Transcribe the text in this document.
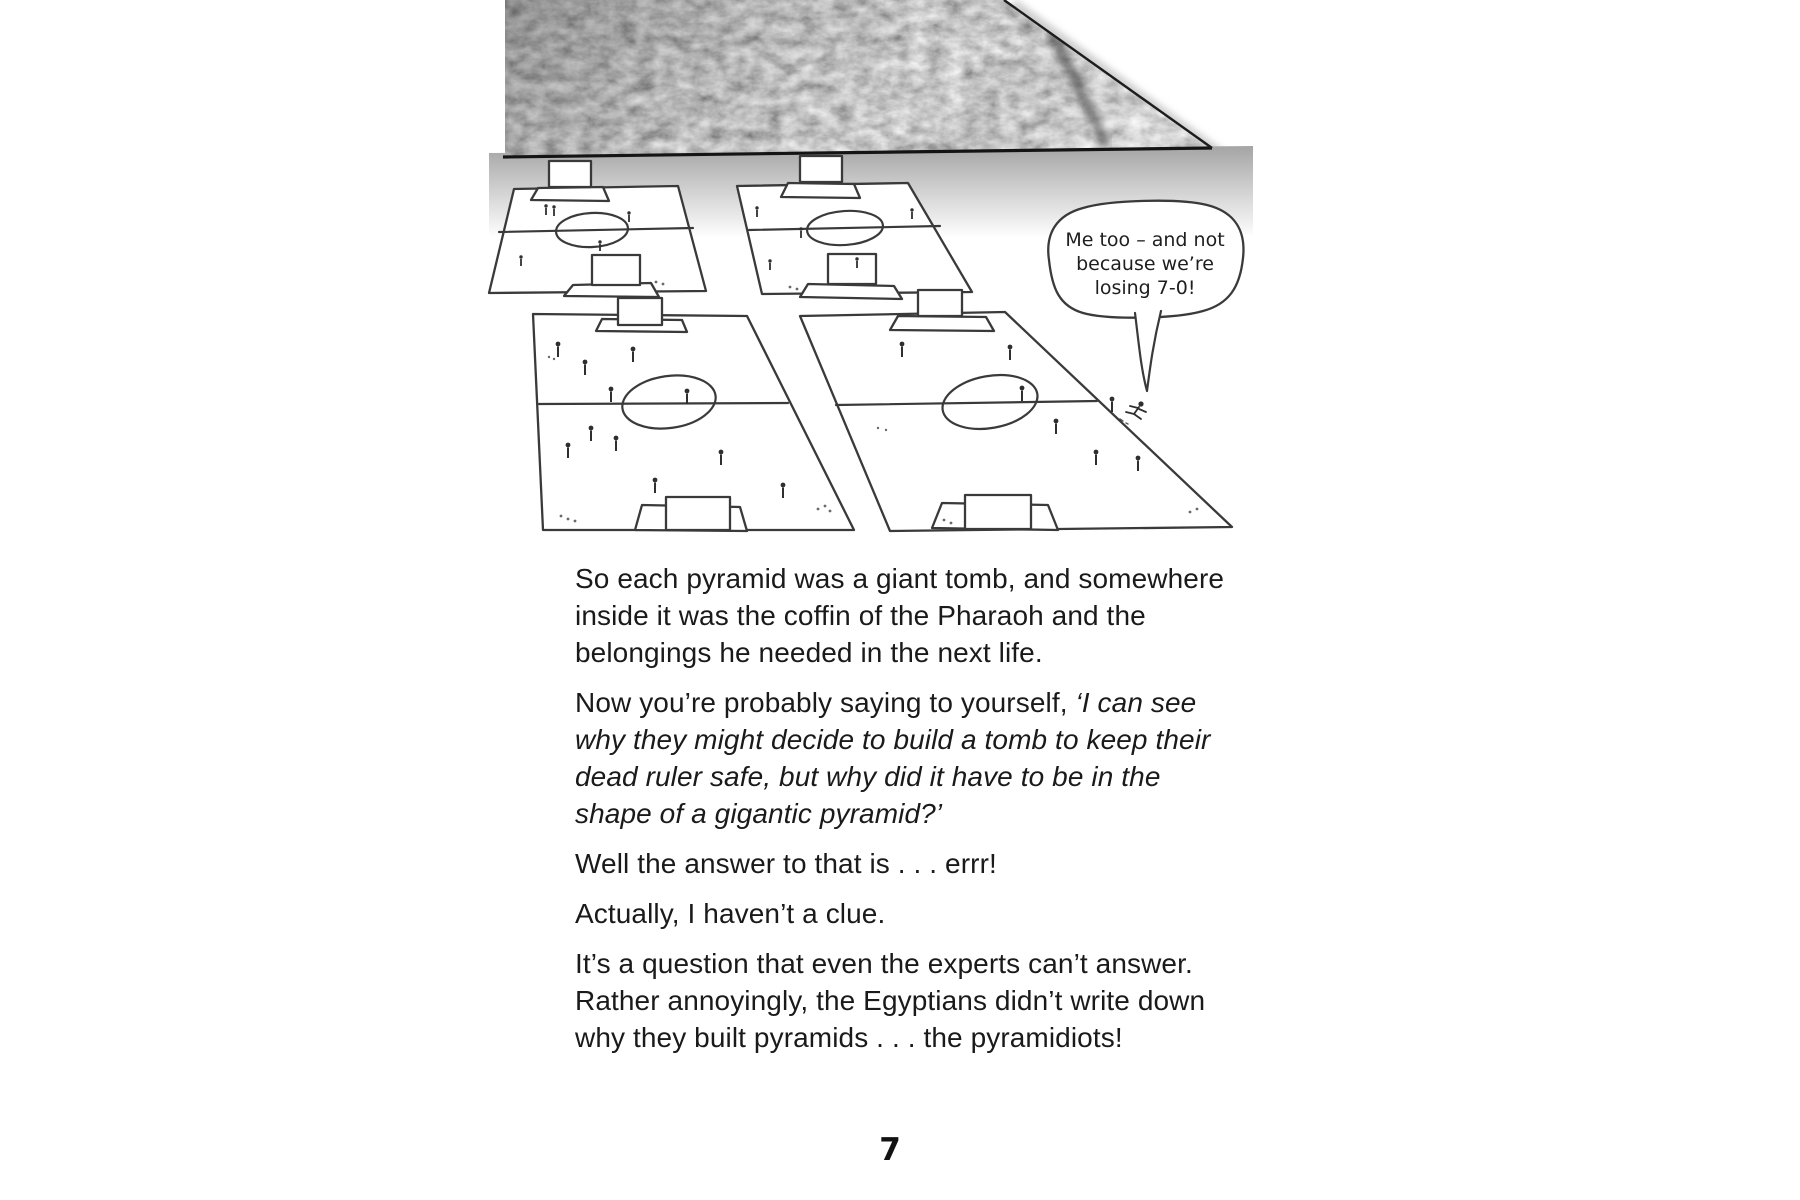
Me too – and not
because we’re
losing 7-0!

So each pyramid was a giant tomb, and somewhere inside it was the coffin of the Pharaoh and the belongings he needed in the next life.

Now you’re probably saying to yourself, ‘I can see why they might decide to build a tomb to keep their dead ruler safe, but why did it have to be in the shape of a gigantic pyramid?’

Well the answer to that is . . . errr!

Actually, I haven’t a clue.

It’s a question that even the experts can’t answer. Rather annoyingly, the Egyptians didn’t write down why they built pyramids . . . the pyramidiots!

7
